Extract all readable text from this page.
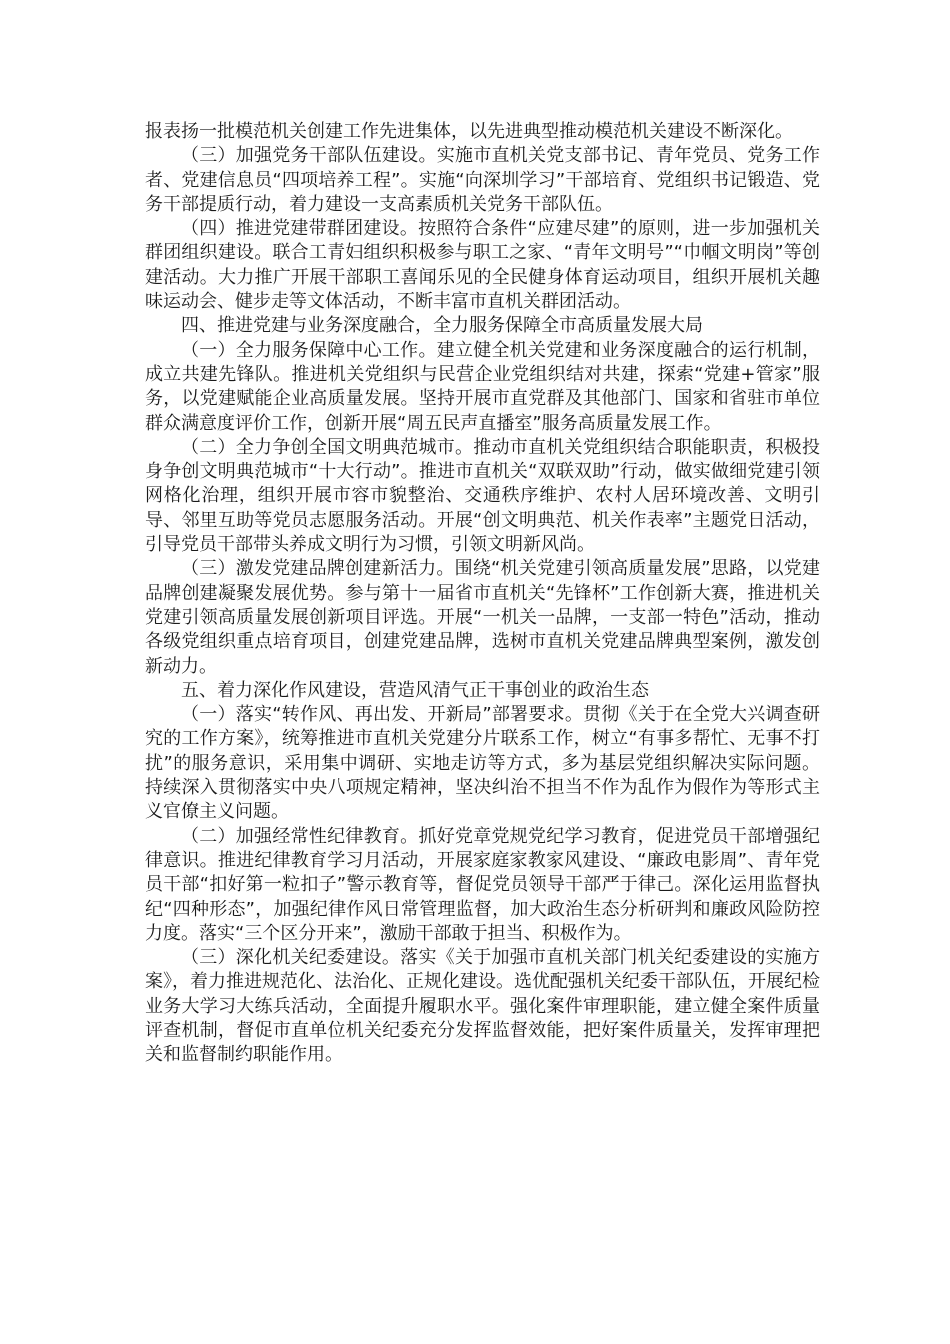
报表扬一批模范机关创建工作先进集体，以先进典型推动模范机关建设不断深化。

（三）加强党务干部队伍建设。实施市直机关党支部书记、青年党员、党务工作者、党建信息员“四项培养工程”。实施“向深圳学习”干部培育、党组织书记锻造、党务干部提质行动，着力建设一支高素质机关党务干部队伍。

（四）推进党建带群团建设。按照符合条件“应建尽建”的原则，进一步加强机关群团组织建设。联合工青妇组织积极参与职工之家、“青年文明号”“巾帼文明岗”等创建活动。大力推广开展干部职工喜闻乐见的全民健身体育运动项目，组织开展机关趣味运动会、健步走等文体活动，不断丰富市直机关群团活动。

四、推进党建与业务深度融合，全力服务保障全市高质量发展大局

（一）全力服务保障中心工作。建立健全机关党建和业务深度融合的运行机制，成立共建先锋队。推进机关党组织与民营企业党组织结对共建，探索“党建+管家”服务，以党建赋能企业高质量发展。坚持开展市直党群及其他部门、国家和省驻市单位群众满意度评价工作，创新开展“周五民声直播室”服务高质量发展工作。

（二）全力争创全国文明典范城市。推动市直机关党组织结合职能职责，积极投身争创文明典范城市“十大行动”。推进市直机关“双联双助”行动，做实做细党建引领网格化治理，组织开展市容市貌整治、交通秩序维护、农村人居环境改善、文明引导、邻里互助等党员志愿服务活动。开展“创文明典范、机关作表率”主题党日活动，引导党员干部带头养成文明行为习惯，引领文明新风尚。

（三）激发党建品牌创建新活力。围绕“机关党建引领高质量发展”思路，以党建品牌创建凝聚发展优势。参与第十一届省市直机关“先锋杯”工作创新大赛，推进机关党建引领高质量发展创新项目评选。开展“一机关一品牌，一支部一特色”活动，推动各级党组织重点培育项目，创建党建品牌，选树市直机关党建品牌典型案例，激发创新动力。

五、着力深化作风建设，营造风清气正干事创业的政治生态

（一）落实“转作风、再出发、开新局”部署要求。贯彻《关于在全党大兴调查研究的工作方案》，统筹推进市直机关党建分片联系工作，树立“有事多帮忙、无事不打扰”的服务意识，采用集中调研、实地走访等方式，多为基层党组织解决实际问题。持续深入贯彻落实中央八项规定精神，坚决纠治不担当不作为乱作为假作为等形式主义官僚主义问题。

（二）加强经常性纪律教育。抓好党章党规党纪学习教育，促进党员干部增强纪律意识。推进纪律教育学习月活动，开展家庭家教家风建设、“廉政电影周”、青年党员干部“扣好第一粒扣子”警示教育等，督促党员领导干部严于律己。深化运用监督执纪“四种形态”，加强纪律作风日常管理监督，加大政治生态分析研判和廉政风险防控力度。落实“三个区分开来”，激励干部敢于担当、积极作为。

（三）深化机关纪委建设。落实《关于加强市直机关部门机关纪委建设的实施方案》，着力推进规范化、法治化、正规化建设。选优配强机关纪委干部队伍，开展纪检业务大学习大练兵活动，全面提升履职水平。强化案件审理职能，建立健全案件质量评查机制，督促市直单位机关纪委充分发挥监督效能，把好案件质量关，发挥审理把关和监督制约职能作用。
